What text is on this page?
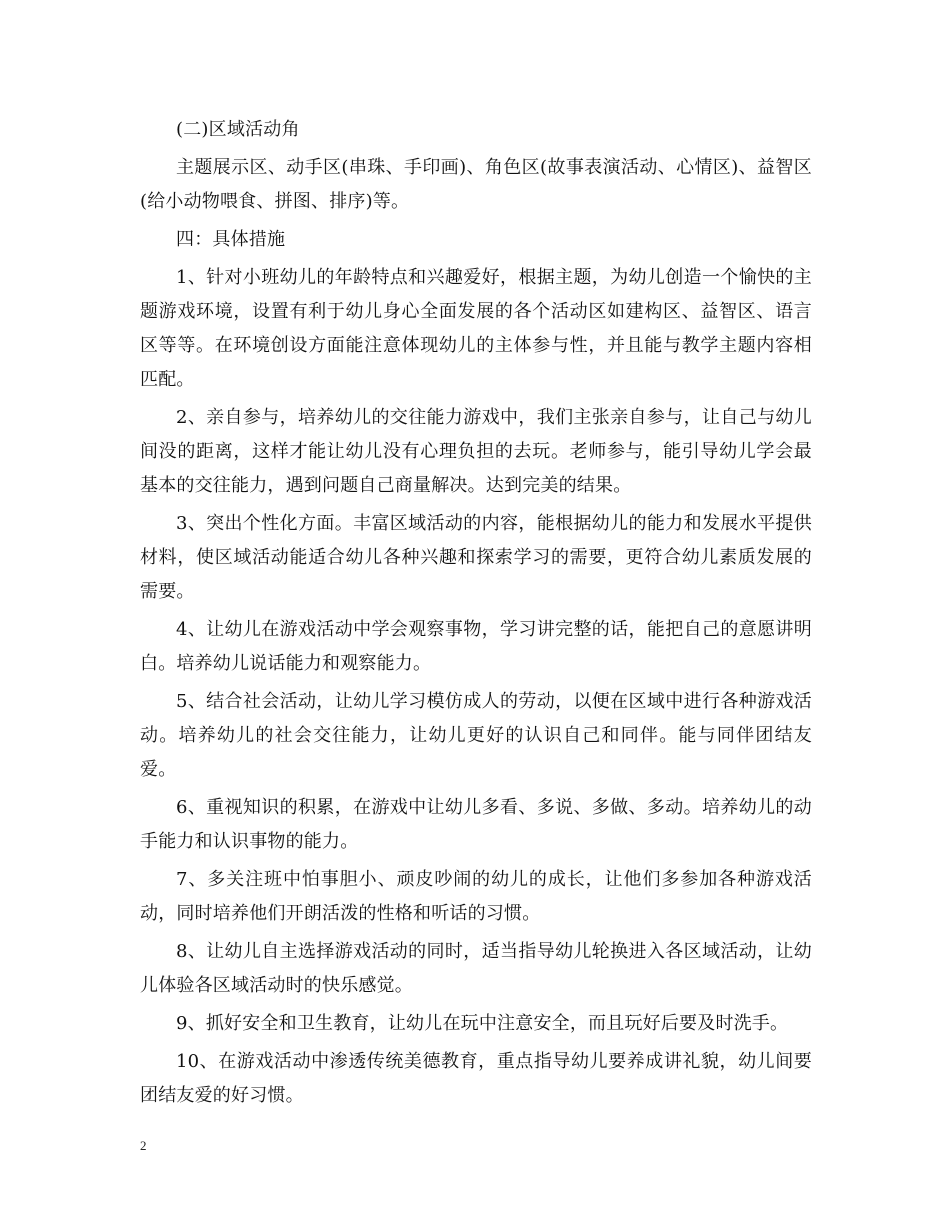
(二)区域活动角

主题展示区、动手区(串珠、手印画)、角色区(故事表演活动、心情区)、益智区(给小动物喂食、拼图、排序)等。

四：具体措施

1、针对小班幼儿的年龄特点和兴趣爱好，根据主题，为幼儿创造一个愉快的主题游戏环境，设置有利于幼儿身心全面发展的各个活动区如建构区、益智区、语言区等等。在环境创设方面能注意体现幼儿的主体参与性，并且能与教学主题内容相匹配。

2、亲自参与，培养幼儿的交往能力游戏中，我们主张亲自参与，让自己与幼儿间没的距离，这样才能让幼儿没有心理负担的去玩。老师参与，能引导幼儿学会最基本的交往能力，遇到问题自己商量解决。达到完美的结果。

3、突出个性化方面。丰富区域活动的内容，能根据幼儿的能力和发展水平提供材料，使区域活动能适合幼儿各种兴趣和探索学习的需要，更符合幼儿素质发展的需要。

4、让幼儿在游戏活动中学会观察事物，学习讲完整的话，能把自己的意愿讲明白。培养幼儿说话能力和观察能力。

5、结合社会活动，让幼儿学习模仿成人的劳动，以便在区域中进行各种游戏活动。培养幼儿的社会交往能力，让幼儿更好的认识自己和同伴。能与同伴团结友爱。

6、重视知识的积累，在游戏中让幼儿多看、多说、多做、多动。培养幼儿的动手能力和认识事物的能力。

7、多关注班中怕事胆小、顽皮吵闹的幼儿的成长，让他们多参加各种游戏活动，同时培养他们开朗活泼的性格和听话的习惯。

8、让幼儿自主选择游戏活动的同时，适当指导幼儿轮换进入各区域活动，让幼儿体验各区域活动时的快乐感觉。

9、抓好安全和卫生教育，让幼儿在玩中注意安全，而且玩好后要及时洗手。

10、在游戏活动中渗透传统美德教育，重点指导幼儿要养成讲礼貌，幼儿间要团结友爱的好习惯。

2
